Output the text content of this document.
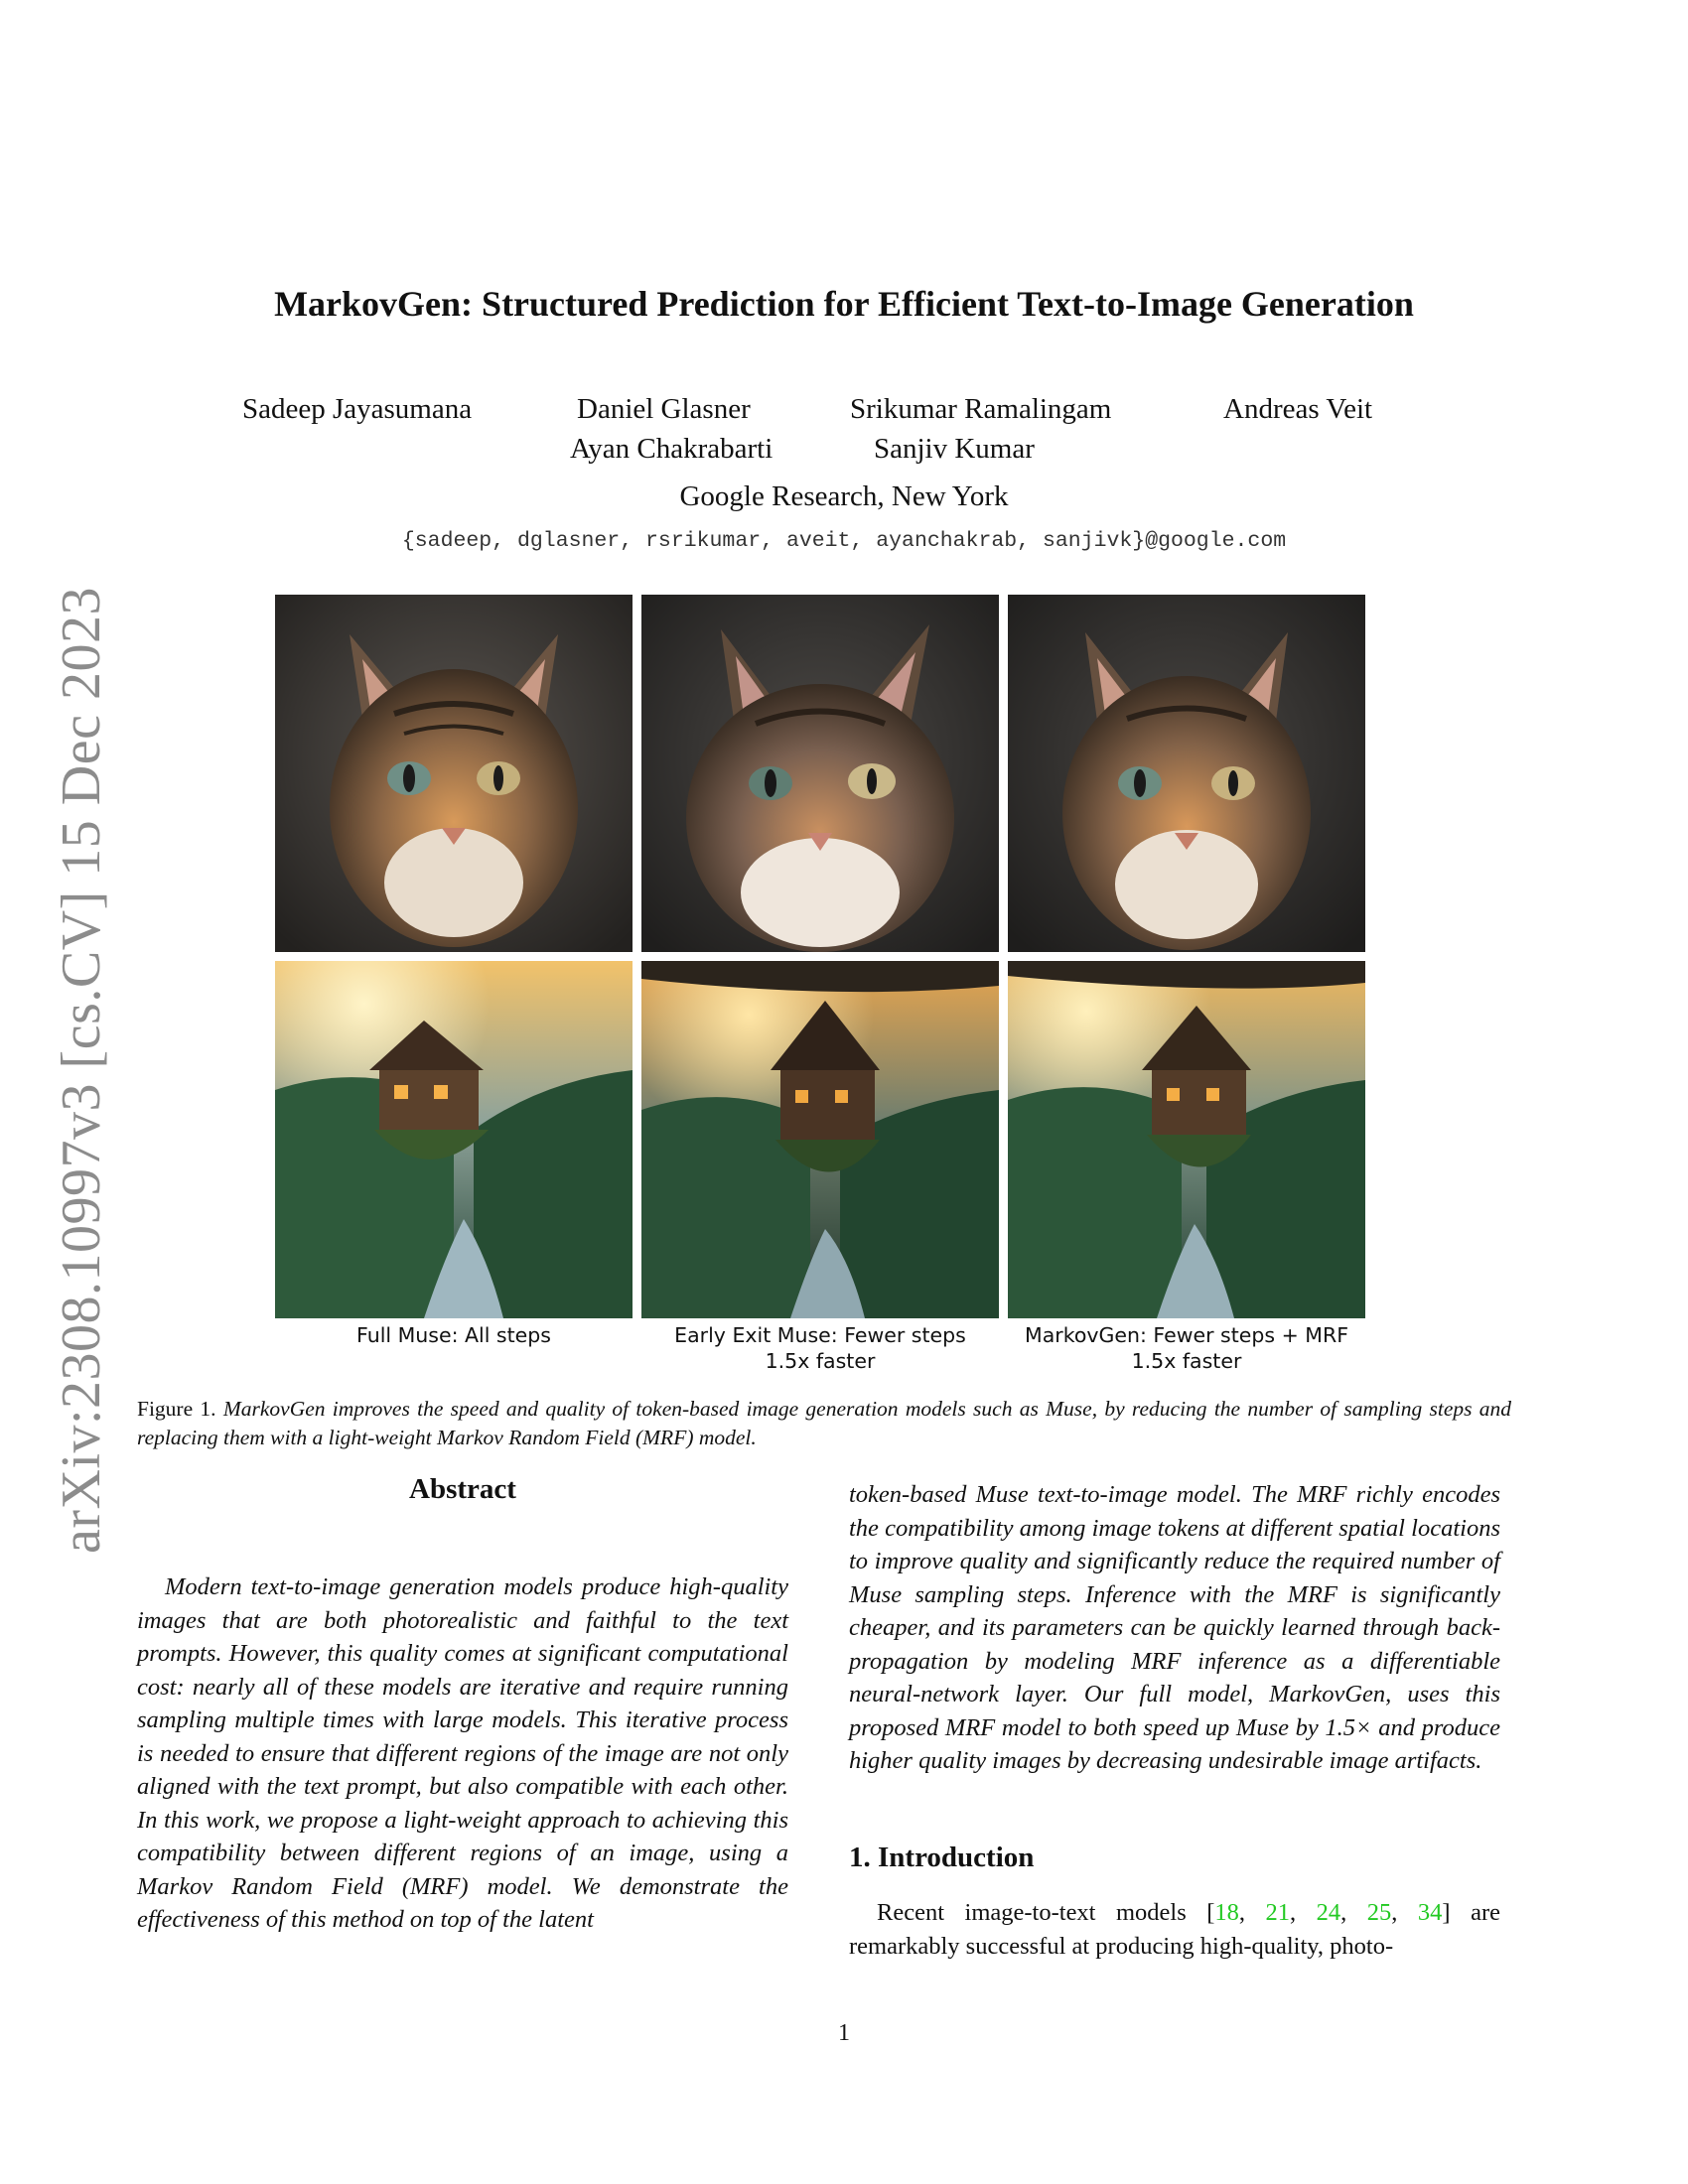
arXiv:2308.10997v3 [cs.CV] 15 Dec 2023
MarkovGen: Structured Prediction for Efficient Text-to-Image Generation
Sadeep Jayasumana	Daniel Glasner	Srikumar Ramalingam	Andreas Veit
Ayan Chakrabarti	Sanjiv Kumar
Google Research, New York
{sadeep, dglasner, rsrikumar, aveit, ayanchakrab, sanjivk}@google.com
Full Muse: All steps	Early Exit Muse: Fewer steps
1.5x faster
MarkovGen: Fewer steps + MRF
1.5x faster
Figure 1. MarkovGen improves the speed and quality of token-based image generation models such as Muse, by reducing the number of sampling steps and replacing them with a light-weight Markov Random Field (MRF) model.
Abstract
Modern text-to-image generation models produce high-quality images that are both photorealistic and faithful to the text prompts. However, this quality comes at significant computational cost: nearly all of these models are iterative and require running sampling multiple times with large models. This iterative process is needed to ensure that different regions of the image are not only aligned with the text prompt, but also compatible with each other. In this work, we propose a light-weight approach to achieving this compatibility between different regions of an image, using a Markov Random Field (MRF) model. We demonstrate the effectiveness of this method on top of the latent
token-based Muse text-to-image model. The MRF richly encodes the compatibility among image tokens at different spatial locations to improve quality and significantly reduce the required number of Muse sampling steps. Inference with the MRF is significantly cheaper, and its parameters can be quickly learned through back-propagation by modeling MRF inference as a differentiable neural-network layer. Our full model, MarkovGen, uses this proposed MRF model to both speed up Muse by 1.5× and produce higher quality images by decreasing undesirable image artifacts.
1. Introduction
Recent image-to-text models [18, 21, 24, 25, 34] are remarkably successful at producing high-quality, photo-
1
